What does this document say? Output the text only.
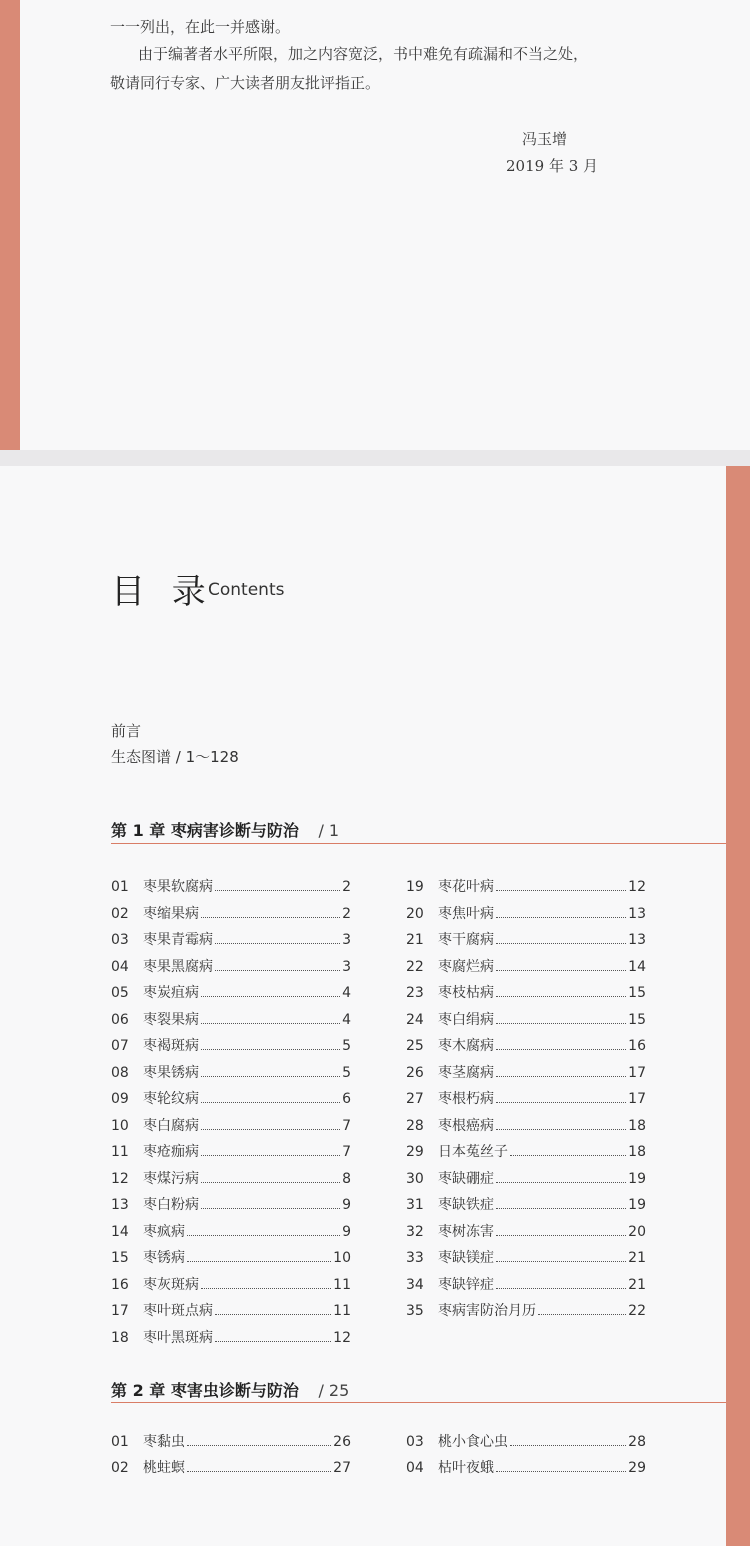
一一列出，在此一并感谢。
由于编著者水平所限，加之内容宽泛，书中难免有疏漏和不当之处，
敬请同行专家、广大读者朋友批评指正。
冯玉增
2019 年 3 月
目 录
Contents
前言
生态图谱 / 1～128
第 1 章 枣病害诊断与防治 / 1
01	枣果软腐病	2
02	枣缩果病	2
03	枣果青霉病	3
04	枣果黑腐病	3
05	枣炭疽病	4
06	枣裂果病	4
07	枣褐斑病	5
08	枣果锈病	5
09	枣轮纹病	6
10	枣白腐病	7
11	枣疮痂病	7
12	枣煤污病	8
13	枣白粉病	9
14	枣疯病	9
15	枣锈病	10
16	枣灰斑病	11
17	枣叶斑点病	11
18	枣叶黑斑病	12
19	枣花叶病	12
20	枣焦叶病	13
21	枣干腐病	13
22	枣腐烂病	14
23	枣枝枯病	15
24	枣白绢病	15
25	枣木腐病	16
26	枣茎腐病	17
27	枣根朽病	17
28	枣根癌病	18
29	日本菟丝子	18
30	枣缺硼症	19
31	枣缺铁症	19
32	枣树冻害	20
33	枣缺镁症	21
34	枣缺锌症	21
35	枣病害防治月历	22
第 2 章 枣害虫诊断与防治 / 25
01	枣黏虫	26
02	桃蛀螟	27
03	桃小食心虫	28
04	枯叶夜蛾	29
